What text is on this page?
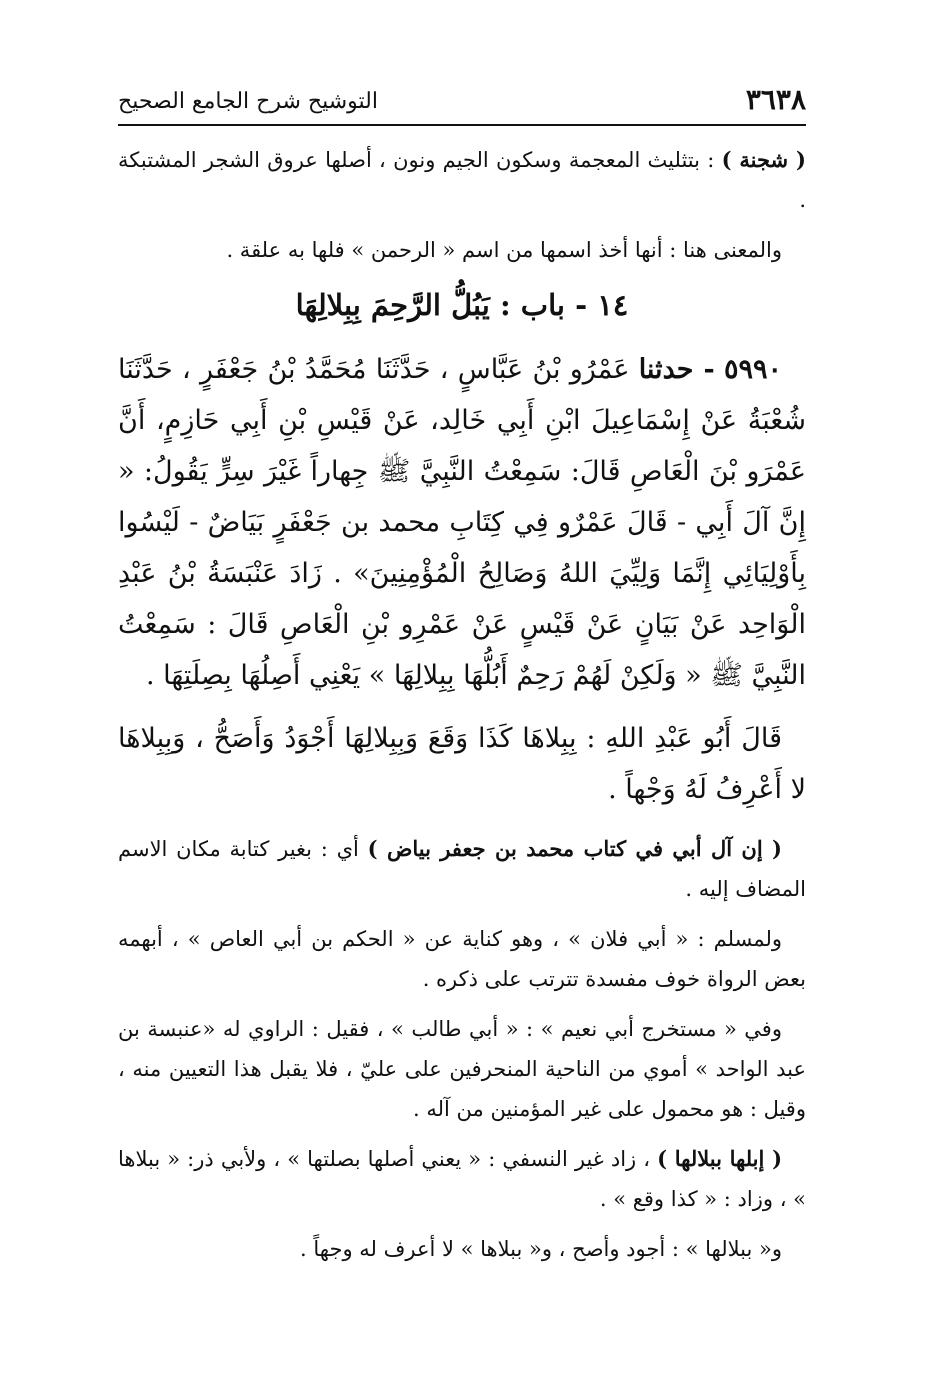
٣٦٣٨
التوشيح شرح الجامع الصحيح

( شجنة ) : بتثليث المعجمة وسكون الجيم ونون ، أصلها عروق الشجر المشتبكة .

والمعنى هنا : أنها أخذ اسمها من اسم « الرحمن » فلها به علقة .

١٤ - باب : يَبُلُّ الرَّحِمَ بِبِلالِهَا

٥٩٩٠ - حدثنا عَمْرُو بْنُ عَبَّاسٍ ، حَدَّثَنَا مُحَمَّدُ بْنُ جَعْفَرٍ ، حَدَّثَنَا شُعْبَةُ عَنْ إِسْمَاعِيلَ ابْنِ أَبِي خَالِد، عَنْ قَيْسِ بْنِ أَبِي حَازِمٍ، أَنَّ عَمْرَو بْنَ الْعَاصِ قَالَ: سَمِعْتُ النَّبِيَّ ﷺ جِهاراً غَيْرَ سِرٍّ يَقُولُ: « إِنَّ آلَ أَبِي - قَالَ عَمْرٌو فِي كِتَابِ محمد بن جَعْفَرٍ بَيَاضٌ - لَيْسُوا بِأَوْلِيَائِي إِنَّمَا وَلِيِّيَ اللهُ وَصَالِحُ الْمُؤْمِنِينَ» . زَادَ عَنْبَسَةُ بْنُ عَبْدِ الْوَاحِد عَنْ بَيَانٍ عَنْ قَيْسٍ عَنْ عَمْرِو بْنِ الْعَاصِ قَالَ : سَمِعْتُ النَّبِيَّ ﷺ « وَلَكِنْ لَهُمْ رَحِمٌ أَبُلُّهَا بِبِلالِهَا » يَعْنِي أَصِلُهَا بِصِلَتِهَا .

قَالَ أَبُو عَبْدِ اللهِ : بِبِلاهَا كَذَا وَقَعَ وَبِبِلالِهَا أَجْوَدُ وَأَصَحُّ ، وَبِبِلاهَا لا أَعْرِفُ لَهُ وَجْهاً .

( إن آل أبي في كتاب محمد بن جعفر بياض ) أي : بغير كتابة مكان الاسم المضاف إليه .

ولمسلم : « أبي فلان » ، وهو كناية عن « الحكم بن أبي العاص » ، أبهمه بعض الرواة خوف مفسدة تترتب على ذكره .

وفي « مستخرج أبي نعيم » : « أبي طالب » ، فقيل : الراوي له «عنبسة بن عبد الواحد » أموي من الناحية المنحرفين على عليّ ، فلا يقبل هذا التعيين منه ، وقيل : هو محمول على غير المؤمنين من آله .

( إبلها ببلالها ) ، زاد غير النسفي : « يعني أصلها بصلتها » ، ولأبي ذر: « ببلاها » ، وزاد : « كذا وقع » .

و« ببلالها » : أجود وأصح ، و« ببلاها » لا أعرف له وجهاً .
